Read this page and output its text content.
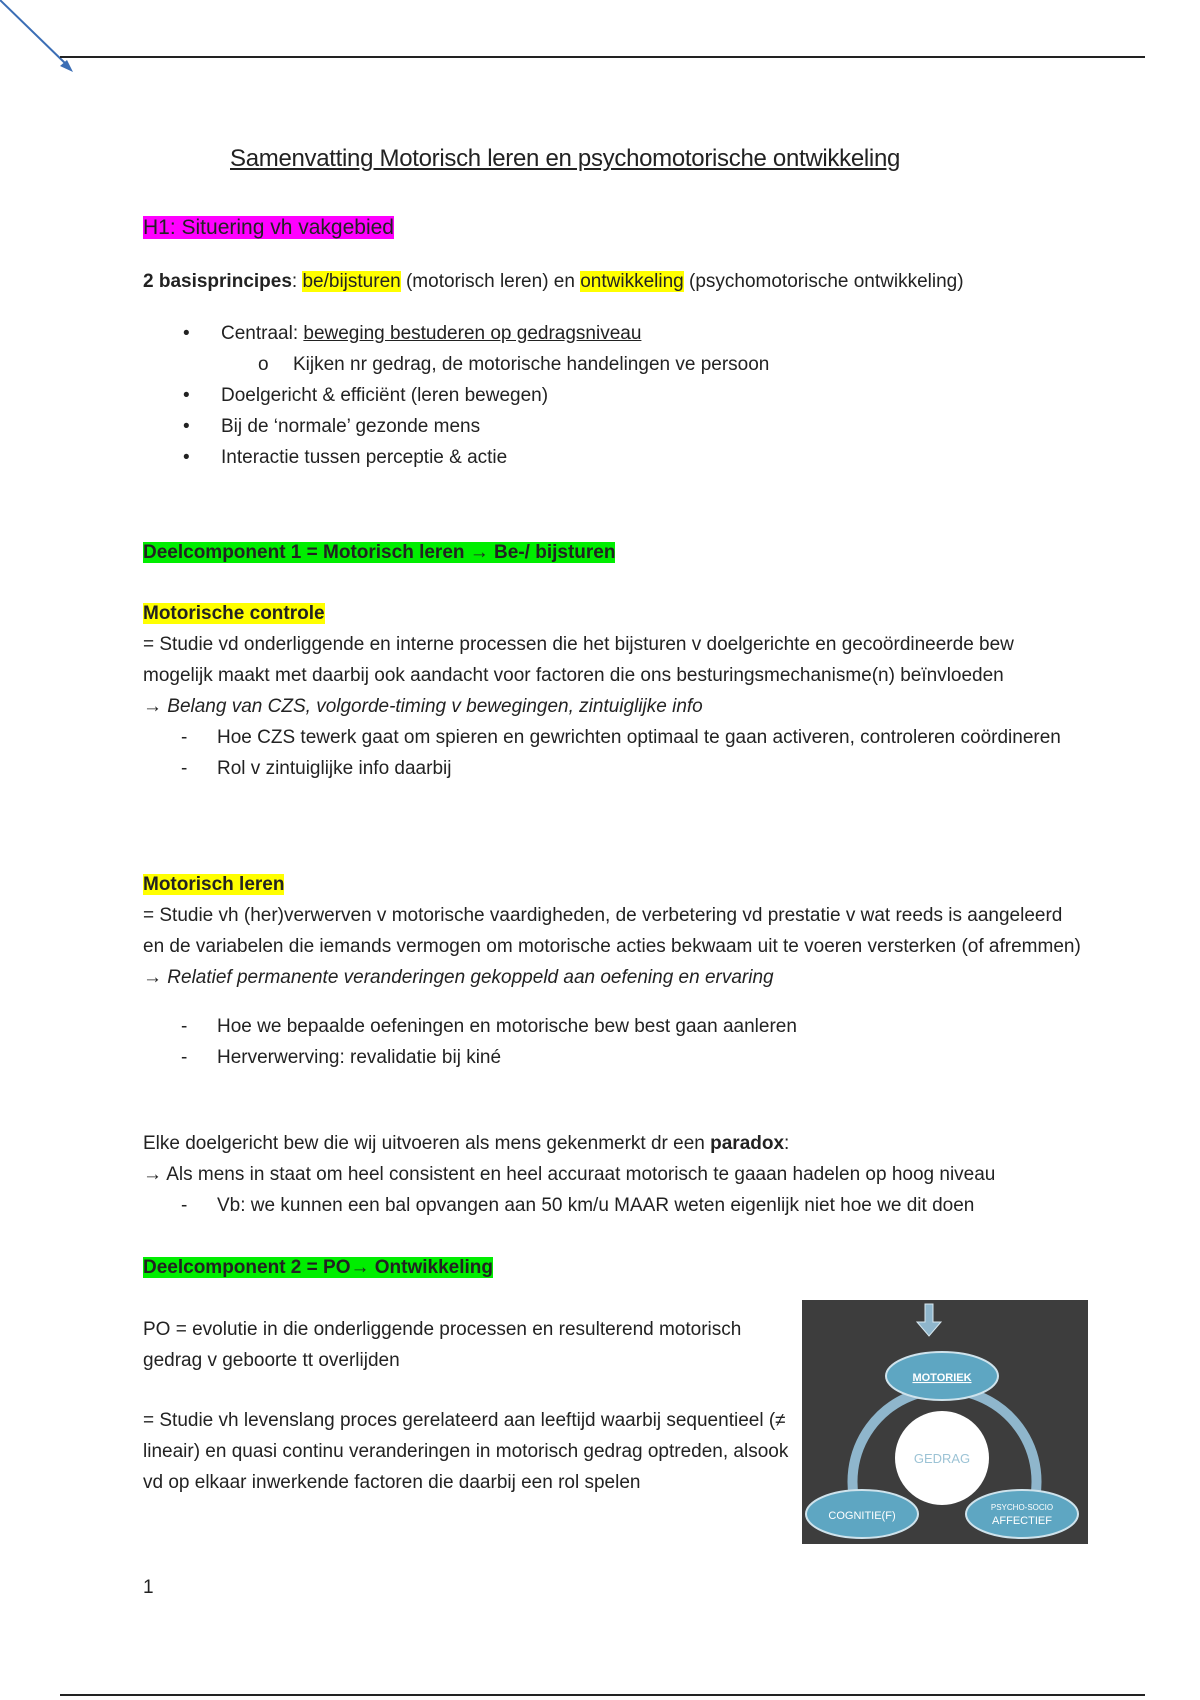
Samenvatting Motorisch leren en psychomotorische ontwikkeling
H1: Situering vh vakgebied
2 basisprincipes: be/bijsturen (motorisch leren) en ontwikkeling (psychomotorische ontwikkeling)
• Centraal: beweging bestuderen op gedragsniveau
o Kijken nr gedrag, de motorische handelingen ve persoon
• Doelgericht & efficiënt (leren bewegen)
• Bij de ‘normale’ gezonde mens
• Interactie tussen perceptie & actie
Deelcomponent 1 = Motorisch leren → Be-/ bijsturen
Motorische controle
= Studie vd onderliggende en interne processen die het bijsturen v doelgerichte en gecoördineerde bew mogelijk maakt met daarbij ook aandacht voor factoren die ons besturingsmechanisme(n) beïnvloeden
→ Belang van CZS, volgorde-timing v bewegingen, zintuiglijke info
- Hoe CZS tewerk gaat om spieren en gewrichten optimaal te gaan activeren, controleren coördineren
- Rol v zintuiglijke info daarbij
Motorisch leren
= Studie vh (her)verwerven v motorische vaardigheden, de verbetering vd prestatie v wat reeds is aangeleerd en de variabelen die iemands vermogen om motorische acties bekwaam uit te voeren versterken (of afremmen)
→ Relatief permanente veranderingen gekoppeld aan oefening en ervaring
- Hoe we bepaalde oefeningen en motorische bew best gaan aanleren
- Herverwerving: revalidatie bij kiné
Elke doelgericht bew die wij uitvoeren als mens gekenmerkt dr een paradox:
→ Als mens in staat om heel consistent en heel accuraat motorisch te gaaan hadelen op hoog niveau
- Vb: we kunnen een bal opvangen aan 50 km/u MAAR weten eigenlijk niet hoe we dit doen
Deelcomponent 2 = PO→ Ontwikkeling
PO = evolutie in die onderliggende processen en resulterend motorisch gedrag v geboorte tt overlijden
= Studie vh levenslang proces gerelateerd aan leeftijd waarbij sequentieel (≠ lineair) en quasi continu veranderingen in motorisch gedrag optreden, alsook vd op elkaar inwerkende factoren die daarbij een rol spelen
MOTORIEK
GEDRAG
COGNITIE(F)
PSYCHO-SOCIO
AFFECTIEF
1
